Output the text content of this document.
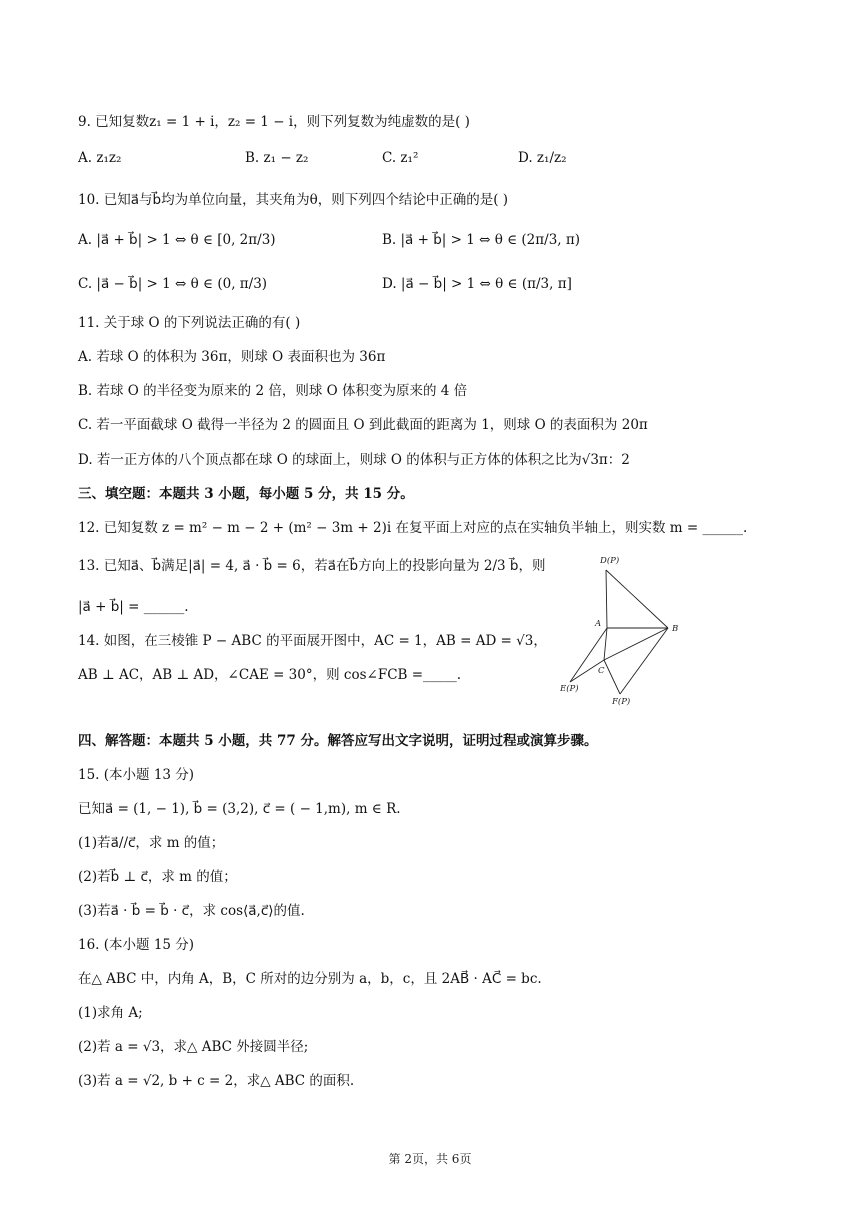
9. 已知复数z₁ = 1 + i，z₂ = 1 − i，则下列复数为纯虚数的是( )
A. z₁z₂	B. z₁ − z₂	C. z₁²	D. z₁/z₂
10. 已知a⃗与b⃗均为单位向量，其夹角为θ，则下列四个结论中正确的是( )
A. |a⃗ + b⃗| > 1 ⇔ θ ∈ [0, 2π/3)	B. |a⃗ + b⃗| > 1 ⇔ θ ∈ (2π/3, π)
C. |a⃗ − b⃗| > 1 ⇔ θ ∈ (0, π/3)	D. |a⃗ − b⃗| > 1 ⇔ θ ∈ (π/3, π]
11. 关于球 O 的下列说法正确的有( )
A. 若球 O 的体积为 36π，则球 O 表面积也为 36π
B. 若球 O 的半径变为原来的 2 倍，则球 O 体积变为原来的 4 倍
C. 若一平面截球 O 截得一半径为 2 的圆面且 O 到此截面的距离为 1，则球 O 的表面积为 20π
D. 若一正方体的八个顶点都在球 O 的球面上，则球 O 的体积与正方体的体积之比为√3π：2
三、填空题：本题共 3 小题，每小题 5 分，共 15 分。
12. 已知复数 z = m² − m − 2 + (m² − 3m + 2)i 在复平面上对应的点在实轴负半轴上，则实数 m = ______.
13. 已知a⃗、b⃗满足|a⃗| = 4, a⃗ · b⃗ = 6，若a⃗在b⃗方向上的投影向量为 2/3 b⃗，则
|a⃗ + b⃗| = ______.
14. 如图，在三棱锥 P − ABC 的平面展开图中，AC = 1，AB = AD = √3，
AB ⊥ AC，AB ⊥ AD，∠CAE = 30°，则 cos∠FCB =_____.
D(P)
A	B
C
E(P)
F(P)
四、解答题：本题共 5 小题，共 77 分。解答应写出文字说明，证明过程或演算步骤。
15. (本小题 13 分)
已知a⃗ = (1, − 1), b⃗ = (3,2), c⃗ = ( − 1,m), m ∈ R.
(1)若a⃗//c⃗，求 m 的值；
(2)若b⃗ ⊥ c⃗，求 m 的值；
(3)若a⃗ · b⃗ = b⃗ · c⃗，求 cos⟨a⃗,c⃗⟩的值.
16. (本小题 15 分)
在△ ABC 中，内角 A，B，C 所对的边分别为 a，b，c，且 2AB⃗ · AC⃗ = bc.
(1)求角 A;
(2)若 a = √3，求△ ABC 外接圆半径;
(3)若 a = √2, b + c = 2，求△ ABC 的面积.
第 2页，共 6页
